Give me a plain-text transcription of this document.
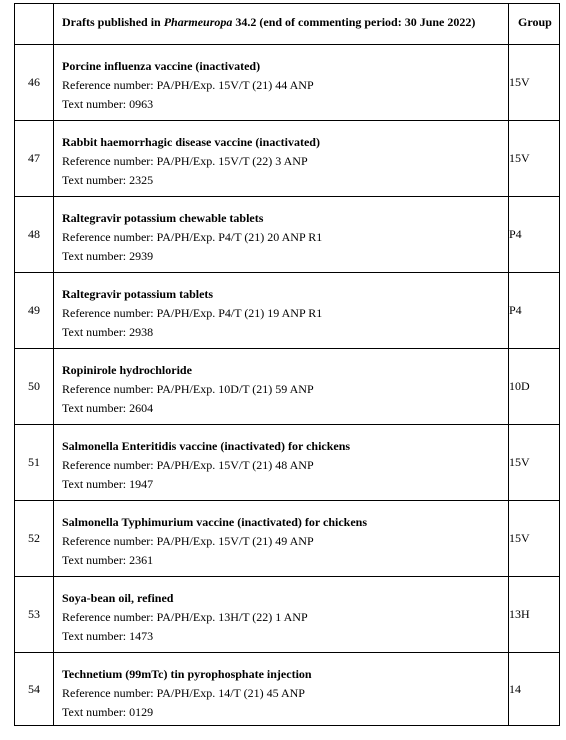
	Drafts published in Pharmeuropa 34.2 (end of commenting period: 30 June 2022)	Group

46	Porcine influenza vaccine (inactivated)
Reference number: PA/PH/Exp. 15V/T (21) 44 ANP
Text number: 0963	15V
47	Rabbit haemorrhagic disease vaccine (inactivated)
Reference number: PA/PH/Exp. 15V/T (22) 3 ANP
Text number: 2325	15V
48	Raltegravir potassium chewable tablets
Reference number: PA/PH/Exp. P4/T (21) 20 ANP R1
Text number: 2939	P4
49	Raltegravir potassium tablets
Reference number: PA/PH/Exp. P4/T (21) 19 ANP R1
Text number: 2938	P4
50	Ropinirole hydrochloride
Reference number: PA/PH/Exp. 10D/T (21) 59 ANP
Text number: 2604	10D
51	Salmonella Enteritidis vaccine (inactivated) for chickens
Reference number: PA/PH/Exp. 15V/T (21) 48 ANP
Text number: 1947	15V
52	Salmonella Typhimurium vaccine (inactivated) for chickens
Reference number: PA/PH/Exp. 15V/T (21) 49 ANP
Text number: 2361	15V
53	Soya-bean oil, refined
Reference number: PA/PH/Exp. 13H/T (22) 1 ANP
Text number: 1473	13H
54	Technetium (99mTc) tin pyrophosphate injection
Reference number: PA/PH/Exp. 14/T (21) 45 ANP
Text number: 0129	14
